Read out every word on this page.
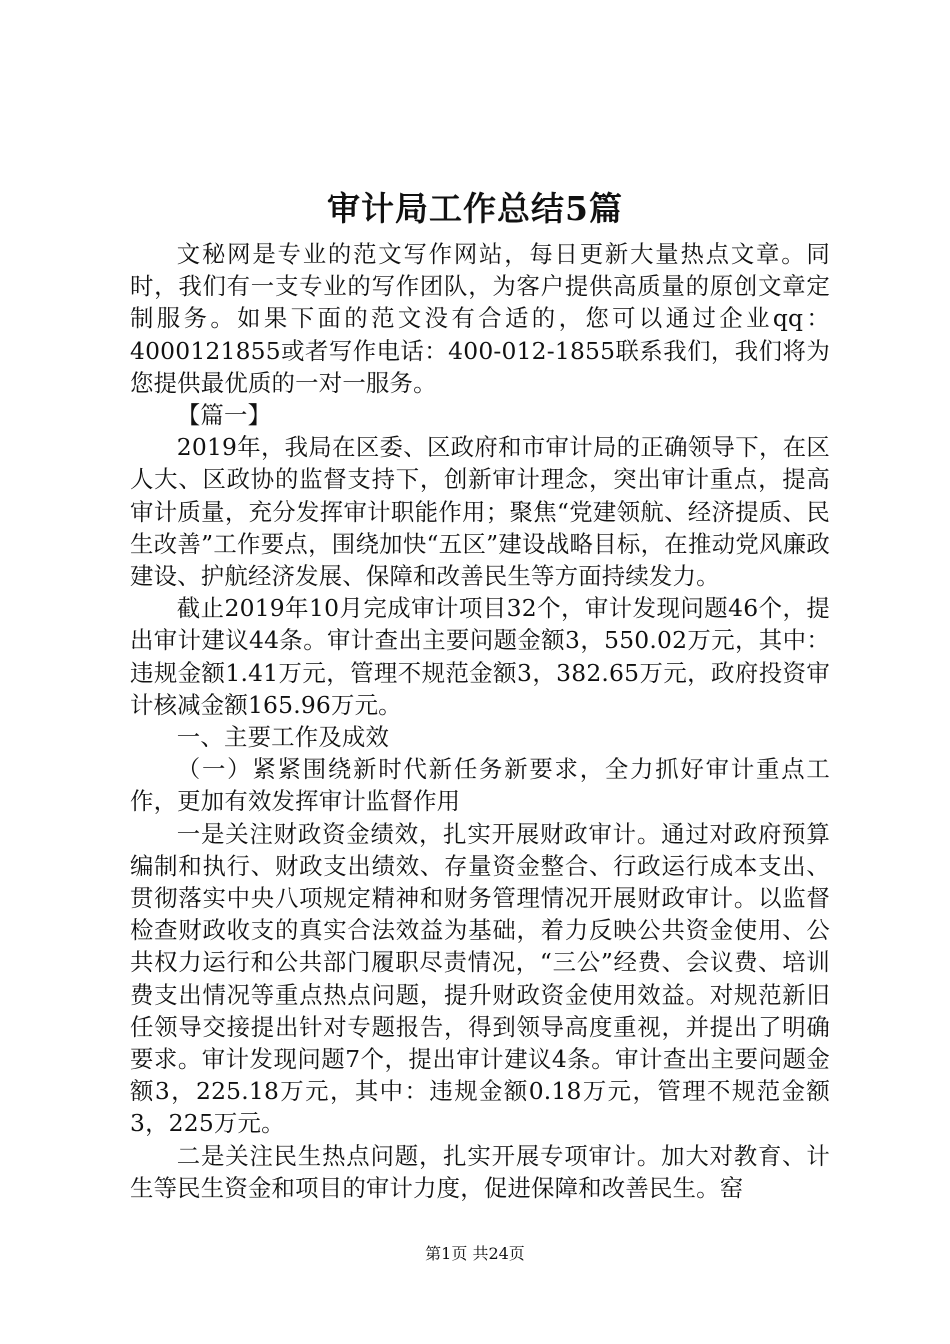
审计局工作总结5篇

文秘网是专业的范文写作网站，每日更新大量热点文章。同时，我们有一支专业的写作团队，为客户提供高质量的原创文章定制服务。如果下面的范文没有合适的，您可以通过企业qq：4000121855或者写作电话：400-012-1855联系我们，我们将为您提供最优质的一对一服务。

【篇一】

2019年，我局在区委、区政府和市审计局的正确领导下，在区人大、区政协的监督支持下，创新审计理念，突出审计重点，提高审计质量，充分发挥审计职能作用；聚焦“党建领航、经济提质、民生改善”工作要点，围绕加快“五区”建设战略目标，在推动党风廉政建设、护航经济发展、保障和改善民生等方面持续发力。

截止2019年10月完成审计项目32个，审计发现问题46个，提出审计建议44条。审计查出主要问题金额3，550.02万元，其中：违规金额1.41万元，管理不规范金额3，382.65万元，政府投资审计核减金额165.96万元。

一、主要工作及成效

（一）紧紧围绕新时代新任务新要求，全力抓好审计重点工作，更加有效发挥审计监督作用

一是关注财政资金绩效，扎实开展财政审计。通过对政府预算编制和执行、财政支出绩效、存量资金整合、行政运行成本支出、贯彻落实中央八项规定精神和财务管理情况开展财政审计。以监督检查财政收支的真实合法效益为基础，着力反映公共资金使用、公共权力运行和公共部门履职尽责情况，“三公”经费、会议费、培训费支出情况等重点热点问题，提升财政资金使用效益。对规范新旧任领导交接提出针对专题报告，得到领导高度重视，并提出了明确要求。审计发现问题7个，提出审计建议4条。审计查出主要问题金额3，225.18万元，其中：违规金额0.18万元，管理不规范金额3，225万元。

二是关注民生热点问题，扎实开展专项审计。加大对教育、计生等民生资金和项目的审计力度，促进保障和改善民生。窑

第1页 共24页
